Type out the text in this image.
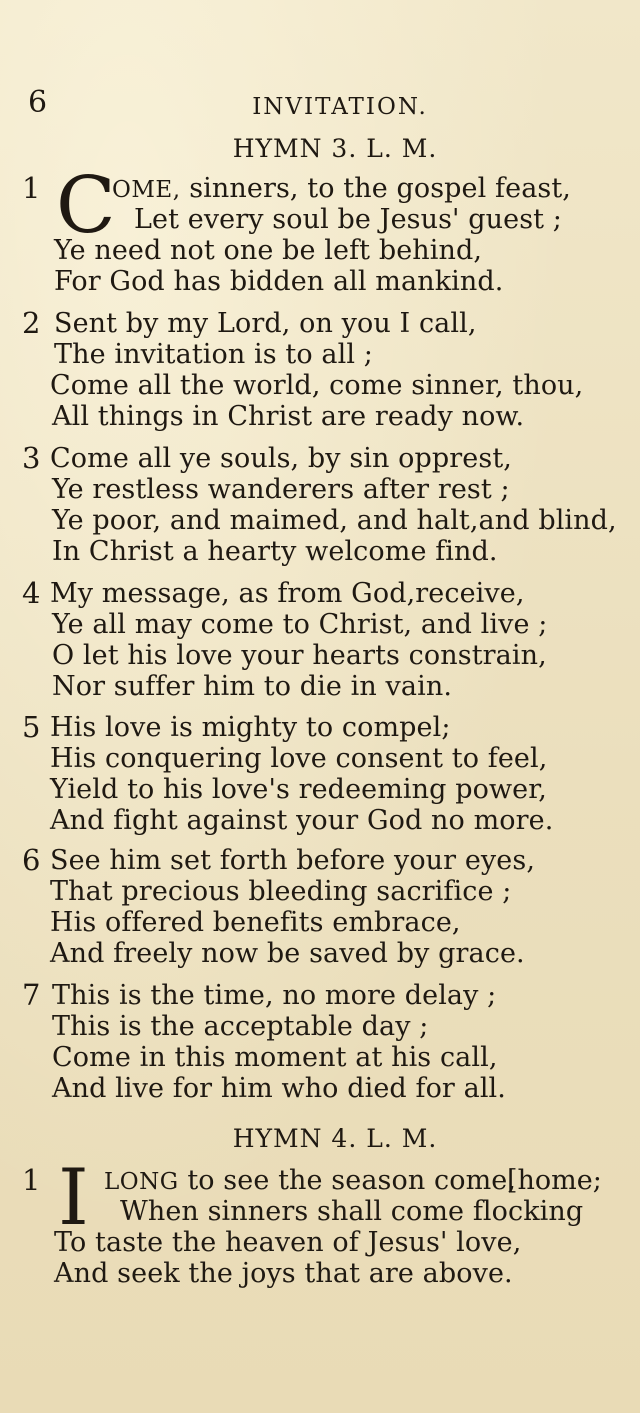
6	INVITATION.
HYMN 3. L. M.
1 C
OME, sinners, to the gospel feast,
Let every soul be Jesus' guest ;
Ye need not one be left behind,
For God has bidden all mankind.
2 Sent by my Lord, on you I call,
The invitation is to all ;
Come all the world, come sinner, thou,
All things in Christ are ready now.
3 Come all ye souls, by sin opprest,
Ye restless wanderers after rest ;
Ye poor, and maimed, and halt,and blind,
In Christ a hearty welcome find.
4 My message, as from God,receive,
Ye all may come to Christ, and live ;
O let his love your hearts constrain,
Nor suffer him to die in vain.
5 His love is mighty to compel;
His conquering love consent to feel,
Yield to his love's redeeming power,
And fight against your God no more.
6 See him set forth before your eyes,
That precious bleeding sacrifice ;
His offered benefits embrace,
And freely now be saved by grace.
7 This is the time, no more delay ;
This is the acceptable day ;
Come in this moment at his call,
And live for him who died for all.
HYMN 4. L. M.
1 I LONG to see the season come,
[home;
When sinners shall come flocking
To taste the heaven of Jesus' love,
And seek the joys that are above.
